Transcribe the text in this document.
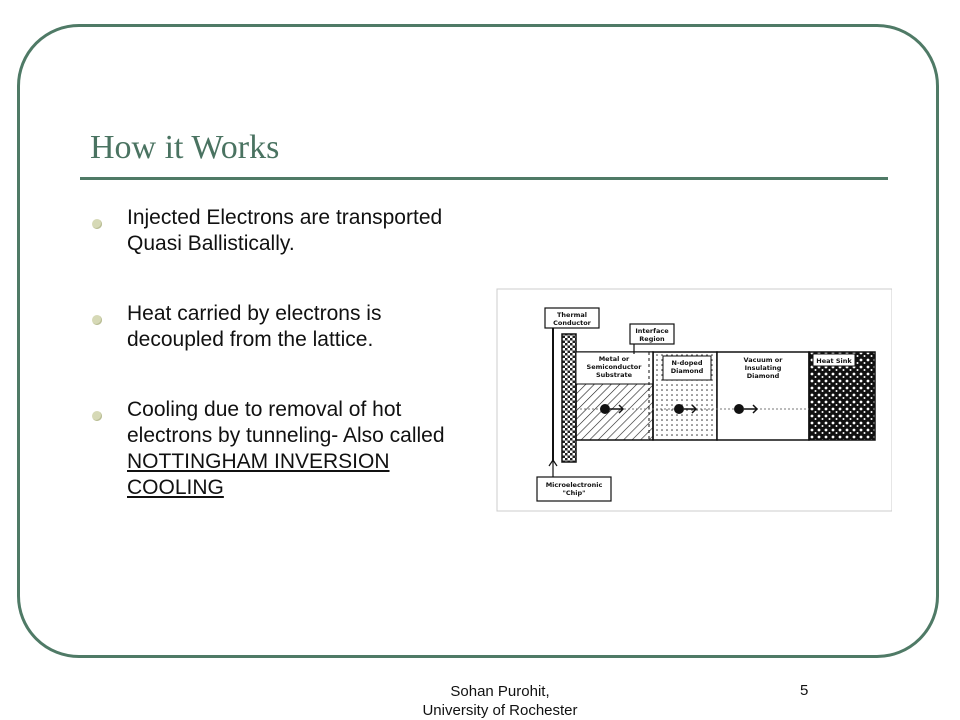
How it Works
Injected Electrons are transported Quasi Ballistically.
Heat carried by electrons is decoupled from the lattice.
Cooling due to removal of hot electrons by tunneling- Also called NOTTINGHAM INVERSION COOLING
Thermal Conductor
Interface Region
Metal or Semiconductor Substrate
N-doped Diamond
Vacuum or Insulating Diamond
Heat Sink
Microelectronic "Chip"
Sohan Purohit,
University of Rochester
5
